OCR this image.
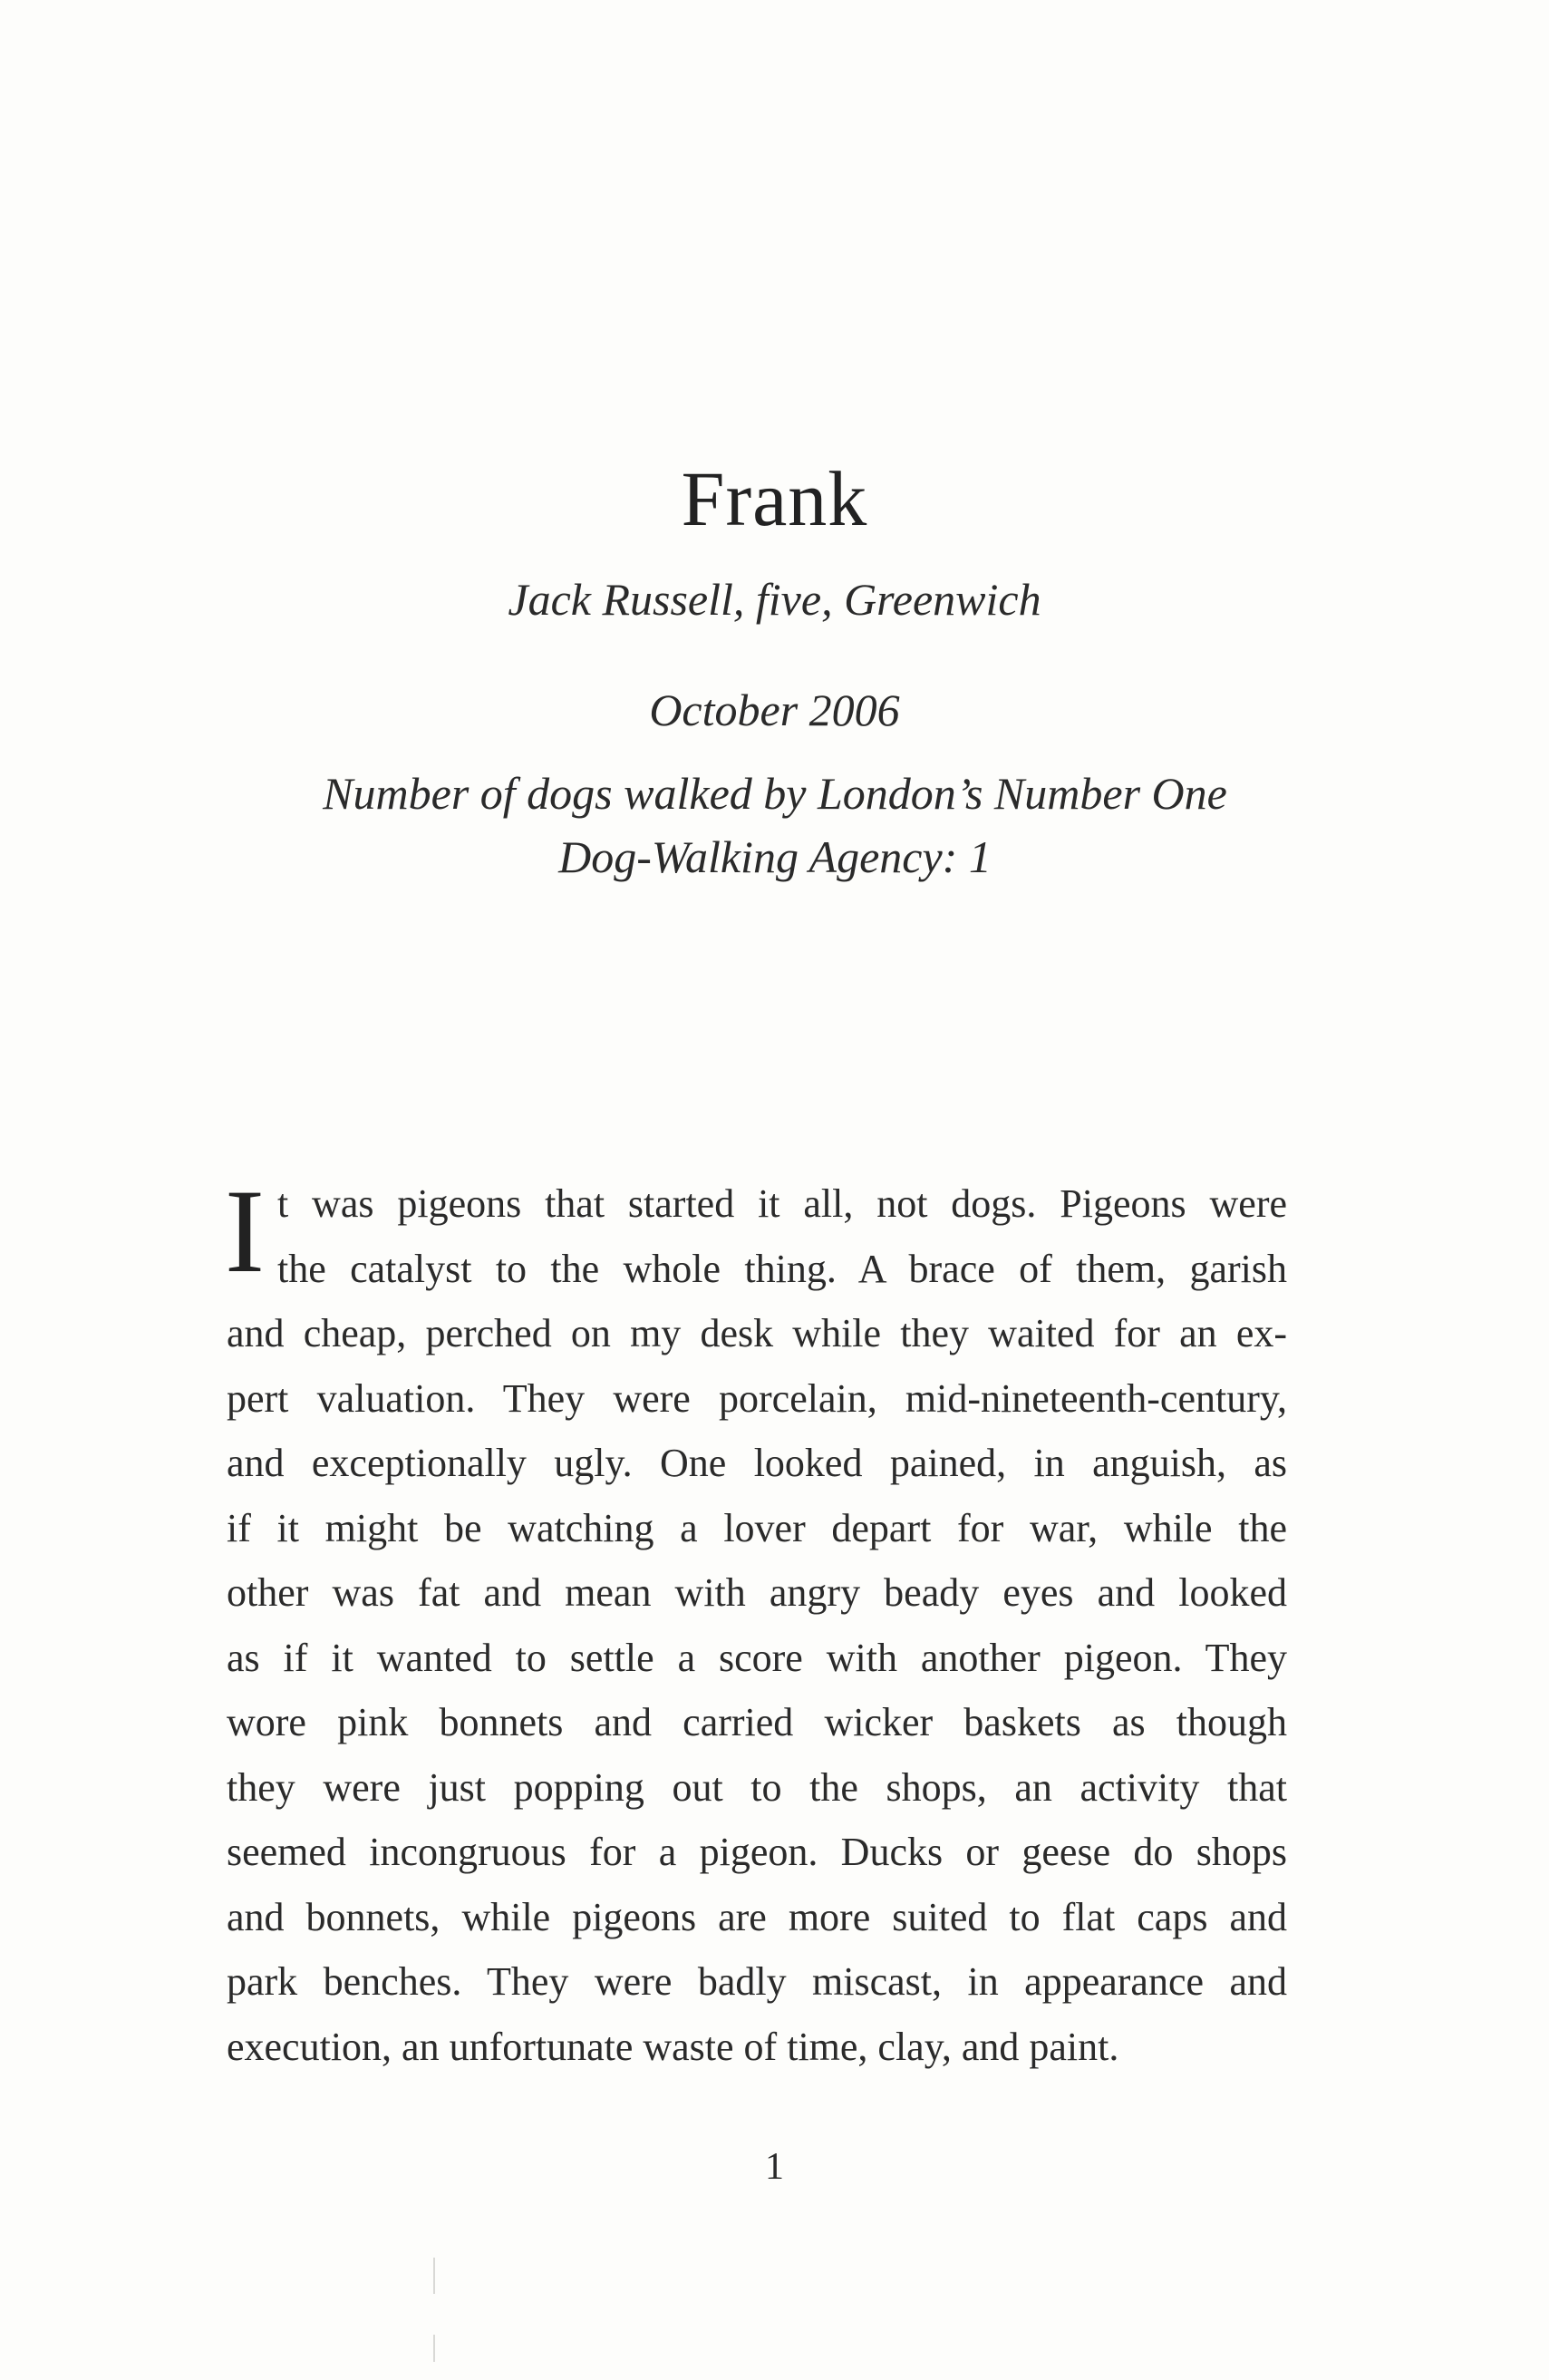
Frank
Jack Russell, five, Greenwich
October 2006
Number of dogs walked by London’s Number One
Dog-Walking Agency: 1
I t was pigeons that started it all, not dogs. Pigeons were
the catalyst to the whole thing. A brace of them, garish
and cheap, perched on my desk while they waited for an ex-
pert valuation. They were porcelain, mid-nineteenth-century,
and exceptionally ugly. One looked pained, in anguish, as
if it might be watching a lover depart for war, while the
other was fat and mean with angry beady eyes and looked
as if it wanted to settle a score with another pigeon. They
wore pink bonnets and carried wicker baskets as though
they were just popping out to the shops, an activity that
seemed incongruous for a pigeon. Ducks or geese do shops
and bonnets, while pigeons are more suited to flat caps and
park benches. They were badly miscast, in appearance and
execution, an unfortunate waste of time, clay, and paint.
1
